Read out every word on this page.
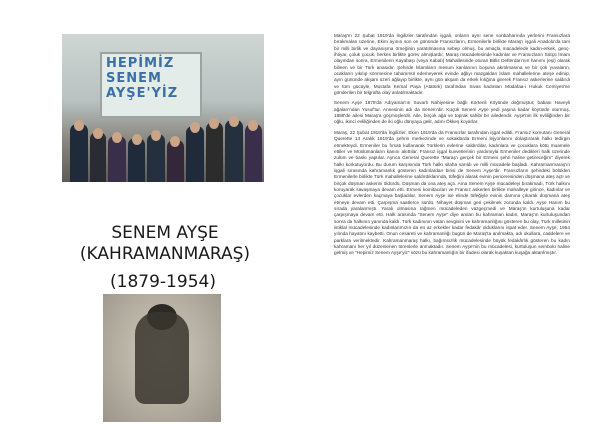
HEPİMİZ SENEM AYŞE'YİZ
SENEM AYŞE
(KAHRAMANMARAŞ)
(1879-1954)

Maraş'ın 22 Şubat 1919'da İngilizler tarafından işgali, onların aynı sene sonbaharında yerlerini Fransızlara bırakmaları üzerine, Ekim ayının son on gününde Fransızların, Ermenilerle birlikte Maraş'ı işgali Anadolu'da tam bir milli birlik ve dayanışma örneğinin yaratılmasına sebep olmuş, bu amaçla mücadelede kadın-erkek, genç-ihtiyar, çoluk çocuk, herkes birlikte görev almışlardır. Maraş mücadelesinde kadınlar ve Fransızların Sütçü İmam olayından sonra, Ermenilerin Kayabaşı (veya Kabalı) Mahallesinde oturan Bitlis Defterdarı'nın hanımı (eşi) olarak bilinen ve bir Türk anasıdır. Şehirde İslamların mesum kanlarının boşuna akıtılmasına ve bir çok yuvaların, ocakların yıkılıp sönmesine tahammül edemeyerek evinde ağlıyı mazgaldan İslam mahallelerine ateşe edinip, ayın gününde akşam üzeri ağlayıp birlikte, aynı gün akşam da erkek kılığına girerek Fransız askerlerine saldırdı ve tüm gücüyle, Mustafa Kemal Paşa (Atatürk) tarafından Sivas kadınları Müdafaa-i Hukuk Cemiyeti'ne gönderilen bir telgrafta olay anlatılmaktadır.

Senem Ayşe 1879'da Adıyaman'ın Suvarlı Nahiyesine bağlı Körtenli Köyünde doğmuştur, babası Haveyli ağaları'ndan Yusuf'tur. Annesinin adı da Senem'dir. Küçük Senem Ayşe yedi yaşına kadar köyünde oturmuş, 1888'de ailesi Maraş'a göçmüşlerdir. Aile, birçok ağa ve toprak sahibi bir ailedendir. Ayşe'nin ilk evliliğinden bir oğlu, ikinci evliliğinden de iki oğlu dünyaya gelir, adını Ökkeş koyarlar.

Maraş, 22 Şubat 1919'da İngilizler, Ekim 1919'da da Fransızlar tarafından işgal edildi. Fransız komutanı General Querette 13 Aralık 1919'da şehrin merkezinde ve sokaklarda Ermeni lejyonlarını dolaştırarak halkı tedirgin etmekteydi. Ermeniler bu fırsatı kullanarak Türklerin evlerine saldırdılar, kadınlara ve çocuklara kötü muamele ettiler ve Müslümanların kanını akıttılar. Fransız işgal kuvvetlerinin yardımıyla Ermeniler dedikleri halk üzerinde zulüm ve baskı yaptılar. Ayrıca General Querette "Maraş'ı gerçek bir Ermeni şehri haline getireceğim" diyerek halkı korkutuyordu. Bu durum karşısında Türk halkı silaha sarıldı ve milli mücadele başladı. Kahramanmaraş'ın işgali sırasında kahramanlık gösteren kadınlardan birisi de Senem Ayşe'dir. Fransızların şehirdeki bölükleri Ermenilerle birlikte Türk mahallelerine saldırdıklarında, tüfeğini alarak evinin penceresinden düşmana ateş açtı ve birçok düşman askerini öldürdü. Düşman da ona ateş açtı. Ama Senem Ayşe mücadeleyi bırakmadı, Türk halkını koruyarak savaşmaya devam etti. Ermeni komitacıları ve Fransız askerleri birlikte mahalleye girince, kadınlar ve çocuklar evlerden kaçmaya başladılar. Senem Ayşe ise elinde tüfeğiyle evinin damına çıkarak düşmana ateş etmeye devam etti. Çarpışma saatlerce sürdü. Nihayet düşman geri çekilmek zorunda kaldı. Ayşe Hanım bu sırada yaralanmıştı. Yaralı olmasına rağmen mücadeleden vazgeçmedi ve Maraş'ın kurtuluşuna kadar çarpışmaya devam etti. Halk arasında "Senem Ayşe" diye anılan bu kahraman kadın, Maraş'ın kurtuluşundan sonra da halkının yanında kaldı. Türk kadınının vatan sevgisini ve kahramanlığını gösteren bu olay, Türk milletinin istiklal mücadelesinde kadınlarımızın da en az erkekler kadar fedakâr olduklarını ispat eder. Senem Ayşe, 1954 yılında hayatını kaybetti. Onun cesareti ve kahramanlığı bugün de Maraş'ta anılmakta, adı okullara, caddelere ve parklara verilmektedir. Kahramanmaraş halkı, bağımsızlık mücadelesinde büyük fedakârlık gösteren bu kadın kahramanı her yıl düzenlenen törenlerle anmaktadır. Senem Ayşe'nin bu mücadelesi, kurtuluşun sembolü haline gelmiş ve "Hepimiz Senem Ayşe'yiz" sözü bu kahramanlığın bir ifadesi olarak kuşaktan kuşağa aktarılmıştır.
